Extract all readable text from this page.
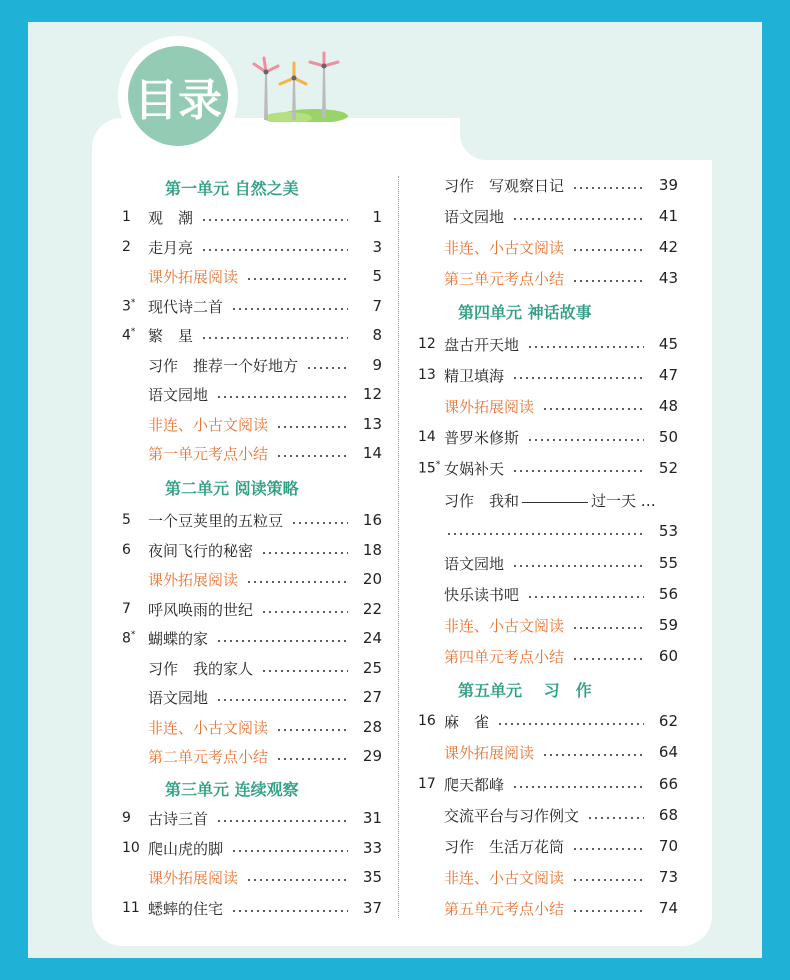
目录
第一单元 自然之美
1	观　潮	1
2	走月亮	3
课外拓展阅读	5
3* 现代诗二首	7
4* 繁　星	8
习作　推荐一个好地方	9
语文园地	12
非连、小古文阅读	13
第一单元考点小结	14
第二单元 阅读策略
5	一个豆荚里的五粒豆	16
6	夜间飞行的秘密	18
课外拓展阅读	20
7	呼风唤雨的世纪	22
8* 蝴蝶的家	24
习作　我的家人	25
语文园地	27
非连、小古文阅读	28
第二单元考点小结	29
第三单元 连续观察
9	古诗三首	31
10 爬山虎的脚	33
课外拓展阅读	35
11 蟋蟀的住宅	37
习作　写观察日记	39
语文园地	41
非连、小古文阅读	42
第三单元考点小结	43
第四单元 神话故事
12 盘古开天地	45
13 精卫填海	47
课外拓展阅读	48
14 普罗米修斯	50
15* 女娲补天	52
习作　我和	过一天 …
53
语文园地	55
快乐读书吧	56
非连、小古文阅读	59
第四单元考点小结	60
第五单元　 习　作
16 麻　雀	62
课外拓展阅读	64
17 爬天都峰	66
交流平台与习作例文	68
习作　生活万花筒	70
非连、小古文阅读	73
第五单元考点小结	74
